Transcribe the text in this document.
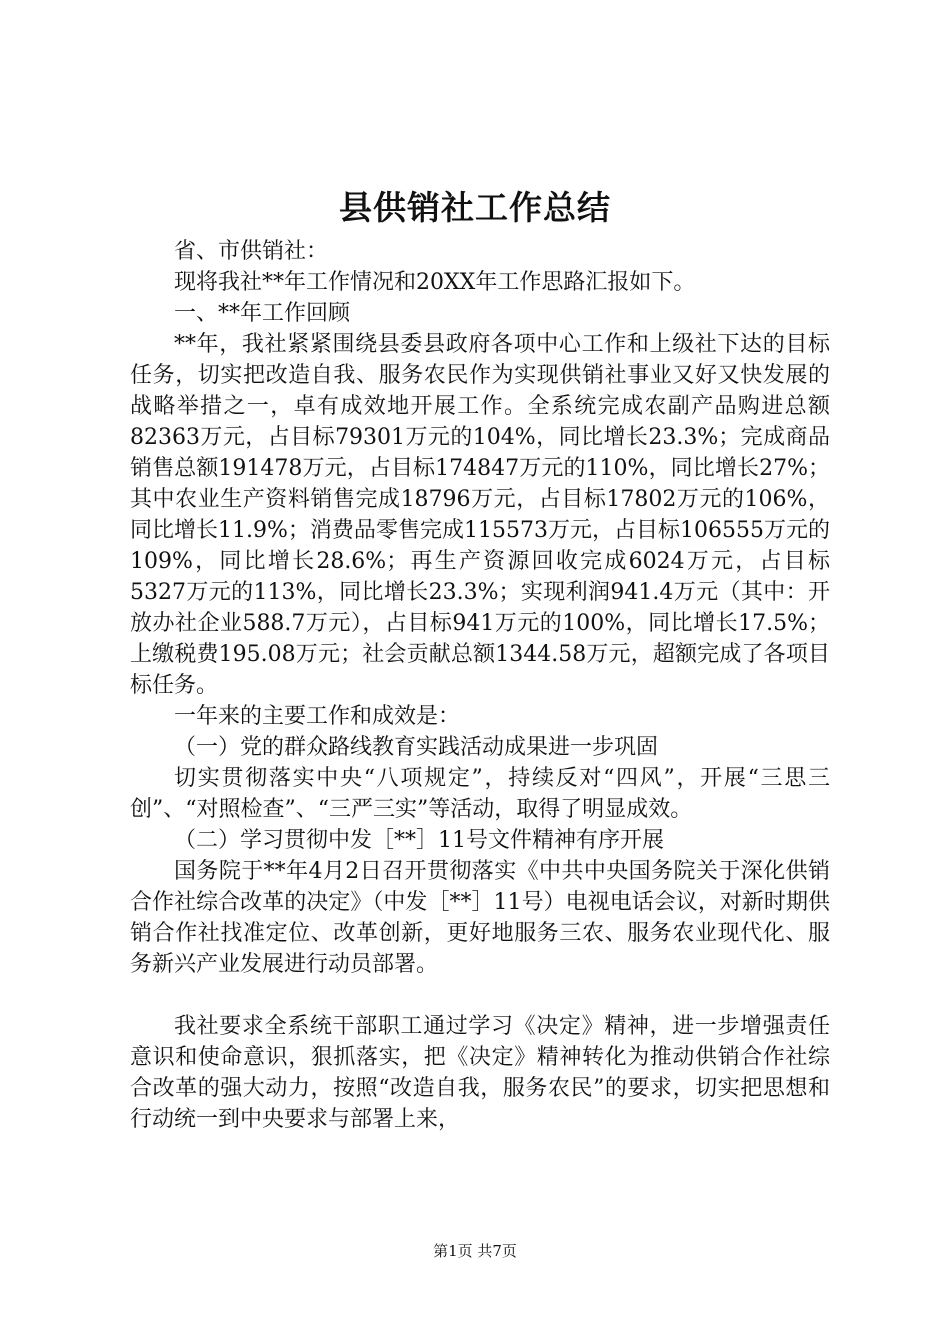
县供销社工作总结

省、市供销社：

现将我社**年工作情况和20XX年工作思路汇报如下。

一、**年工作回顾

**年，我社紧紧围绕县委县政府各项中心工作和上级社下达的目标任务，切实把改造自我、服务农民作为实现供销社事业又好又快发展的战略举措之一，卓有成效地开展工作。全系统完成农副产品购进总额82363万元，占目标79301万元的104%，同比增长23.3%；完成商品销售总额191478万元，占目标174847万元的110%，同比增长27%；其中农业生产资料销售完成18796万元，占目标17802万元的106%，同比增长11.9%；消费品零售完成115573万元，占目标106555万元的109%，同比增长28.6%；再生产资源回收完成6024万元，占目标5327万元的113%，同比增长23.3%；实现利润941.4万元（其中：开放办社企业588.7万元），占目标941万元的100%，同比增长17.5%；上缴税费195.08万元；社会贡献总额1344.58万元，超额完成了各项目标任务。

一年来的主要工作和成效是：

（一）党的群众路线教育实践活动成果进一步巩固

切实贯彻落实中央“八项规定”，持续反对“四风”，开展“三思三创”、“对照检查”、“三严三实”等活动，取得了明显成效。

（二）学习贯彻中发［**］11号文件精神有序开展

国务院于**年4月2日召开贯彻落实《中共中央国务院关于深化供销合作社综合改革的决定》（中发［**］11号）电视电话会议，对新时期供销合作社找准定位、改革创新，更好地服务三农、服务农业现代化、服务新兴产业发展进行动员部署。

我社要求全系统干部职工通过学习《决定》精神，进一步增强责任意识和使命意识，狠抓落实，把《决定》精神转化为推动供销合作社综合改革的强大动力，按照“改造自我，服务农民”的要求，切实把思想和行动统一到中央要求与部署上来，

第1页 共7页
